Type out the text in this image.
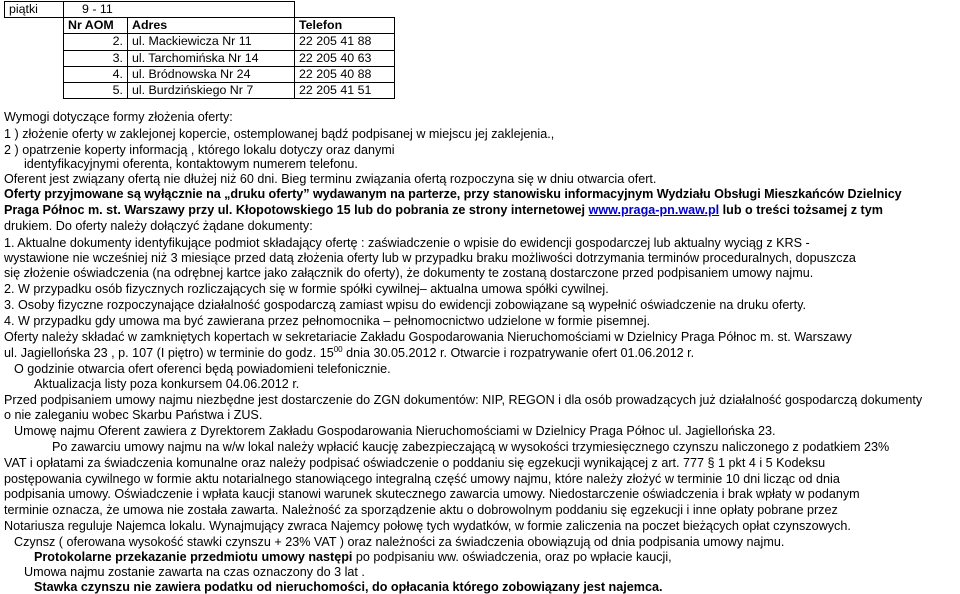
piątki	9 - 11		
	Nr AOM	Adres	Telefon
	2.	ul. Mackiewicza Nr 11	22 205 41 88
	3.	ul. Tarchomińska Nr 14	22 205 40 63
	4.	ul. Bródnowska Nr 24	22 205 40 88
	5.	ul. Burdzińskiego Nr 7	22 205 41 51
Wymogi dotyczące formy złożenia oferty:
1 ) złożenie oferty w zaklejonej kopercie, ostemplowanej bądź podpisanej w miejscu jej zaklejenia.,
2 ) opatrzenie koperty informacją , którego lokalu dotyczy oraz danymi
identyfikacyjnymi oferenta, kontaktowym numerem telefonu.
Oferent jest związany ofertą nie dłużej niż 60 dni. Bieg terminu związania ofertą rozpoczyna się w dniu otwarcia ofert.
Oferty przyjmowane są wyłącznie na „druku oferty” wydawanym na parterze, przy stanowisku informacyjnym Wydziału Obsługi Mieszkańców Dzielnicy
Praga Północ m. st. Warszawy przy ul. Kłopotowskiego 15 lub do pobrania ze strony internetowej www.praga-pn.waw.pl lub o treści tożsamej z tym
drukiem. Do oferty należy dołączyć żądane dokumenty:
1. Aktualne dokumenty identyfikujące podmiot składający ofertę : zaświadczenie o wpisie do ewidencji gospodarczej lub aktualny wyciąg z KRS -
wystawione nie wcześniej niż 3 miesiące przed datą złożenia oferty lub w przypadku braku możliwości dotrzymania terminów proceduralnych, dopuszcza
się złożenie oświadczenia (na odrębnej kartce jako załącznik do oferty), że dokumenty te zostaną dostarczone przed podpisaniem umowy najmu.
2. W przypadku osób fizycznych rozliczających się w formie spółki cywilnej– aktualna umowa spółki cywilnej.
3. Osoby fizyczne rozpoczynające działalność gospodarczą zamiast wpisu do ewidencji zobowiązane są wypełnić oświadczenie na druku oferty.
4. W przypadku gdy umowa ma być zawierana przez pełnomocnika – pełnomocnictwo udzielone w formie pisemnej.
Oferty należy składać w zamkniętych kopertach w sekretariacie Zakładu Gospodarowania Nieruchomościami w Dzielnicy Praga Północ m. st. Warszawy
ul. Jagiellońska 23 , p. 107 (I piętro) w terminie do godz. $15^{00}$ dnia 30.05.2012 r. Otwarcie i rozpatrywanie ofert 01.06.2012 r.
O godzinie otwarcia ofert oferenci będą powiadomieni telefonicznie.
Aktualizacja listy poza konkursem 04.06.2012 r.
Przed podpisaniem umowy najmu niezbędne jest dostarczenie do ZGN dokumentów: NIP, REGON i dla osób prowadzących już działalność gospodarczą dokumenty
o nie zaleganiu wobec Skarbu Państwa i ZUS.
Umowę najmu Oferent zawiera z Dyrektorem Zakładu Gospodarowania Nieruchomościami w Dzielnicy Praga Północ ul. Jagiellońska 23.
Po zawarciu umowy najmu na w/w lokal należy wpłacić kaucję zabezpieczającą w wysokości trzymiesięcznego czynszu naliczonego z podatkiem 23%
VAT i opłatami za świadczenia komunalne oraz należy podpisać oświadczenie o poddaniu się egzekucji wynikającej z art. 777 § 1 pkt 4 i 5 Kodeksu
postępowania cywilnego w formie aktu notarialnego stanowiącego integralną część umowy najmu, które należy złożyć w terminie 10 dni licząc od dnia
podpisania umowy. Oświadczenie i wpłata kaucji stanowi warunek skutecznego zawarcia umowy. Niedostarczenie oświadczenia i brak wpłaty w podanym
terminie oznacza, że umowa nie została zawarta. Należność za sporządzenie aktu o dobrowolnym poddaniu się egzekucji i inne opłaty pobrane przez
Notariusza reguluje Najemca lokalu. Wynajmujący zwraca Najemcy połowę tych wydatków, w formie zaliczenia na poczet bieżących opłat czynszowych.
Czynsz ( oferowana wysokość stawki czynszu + 23% VAT ) oraz należności za świadczenia obowiązują od dnia podpisania umowy najmu.
Protokolarne przekazanie przedmiotu umowy następi po podpisaniu ww. oświadczenia, oraz po wpłacie kaucji,
Umowa najmu zostanie zawarta na czas oznaczony do 3 lat .
Stawka czynszu nie zawiera podatku od nieruchomości, do opłacania którego zobowiązany jest najemca.
